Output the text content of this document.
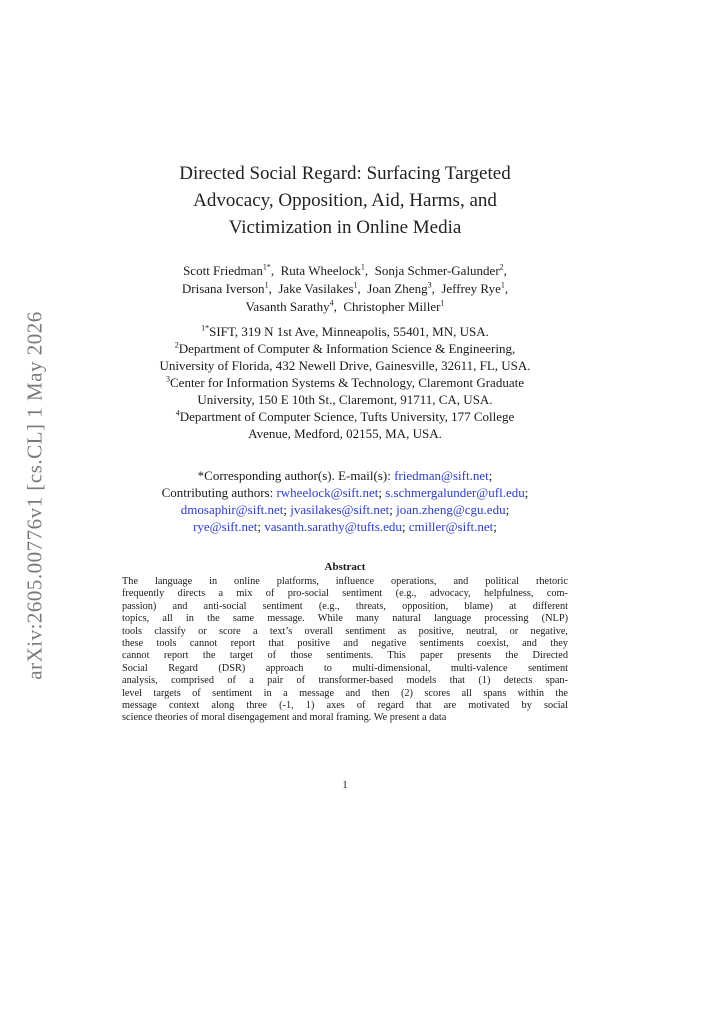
arXiv:2605.00776v1 [cs.CL] 1 May 2026
Directed Social Regard: Surfacing Targeted
Advocacy, Opposition, Aid, Harms, and
Victimization in Online Media
Scott Friedman$^{1*}$,  Ruta Wheelock$^1$,  Sonja Schmer-Galunder$^2$,
Drisana Iverson$^1$,  Jake Vasilakes$^1$,  Joan Zheng$^3$,  Jeffrey Rye$^1$,
Vasanth Sarathy$^4$,  Christopher Miller$^1$
$^{1*}$SIFT, 319 N 1st Ave, Minneapolis, 55401, MN, USA.
$^2$Department of Computer & Information Science & Engineering,
University of Florida, 432 Newell Drive, Gainesville, 32611, FL, USA.
$^3$Center for Information Systems & Technology, Claremont Graduate
University, 150 E 10th St., Claremont, 91711, CA, USA.
$^4$Department of Computer Science, Tufts University, 177 College
Avenue, Medford, 02155, MA, USA.
*Corresponding author(s). E-mail(s): friedman@sift.net;
Contributing authors: rwheelock@sift.net; s.schmergalunder@ufl.edu;
dmosaphir@sift.net; jvasilakes@sift.net; joan.zheng@cgu.edu;
rye@sift.net; vasanth.sarathy@tufts.edu; cmiller@sift.net;
Abstract
The language in online platforms, influence operations, and political rhetoric
frequently directs a mix of pro-social sentiment (e.g., advocacy, helpfulness, com-
passion) and anti-social sentiment (e.g., threats, opposition, blame) at different
topics, all in the same message. While many natural language processing (NLP)
tools classify or score a text’s overall sentiment as positive, neutral, or negative,
these tools cannot report that positive and negative sentiments coexist, and they
cannot report the target of those sentiments. This paper presents the Directed
Social Regard (DSR) approach to multi-dimensional, multi-valence sentiment
analysis, comprised of a pair of transformer-based models that (1) detects span-
level targets of sentiment in a message and then (2) scores all spans within the
message context along three (-1, 1) axes of regard that are motivated by social
science theories of moral disengagement and moral framing. We present a data
1
